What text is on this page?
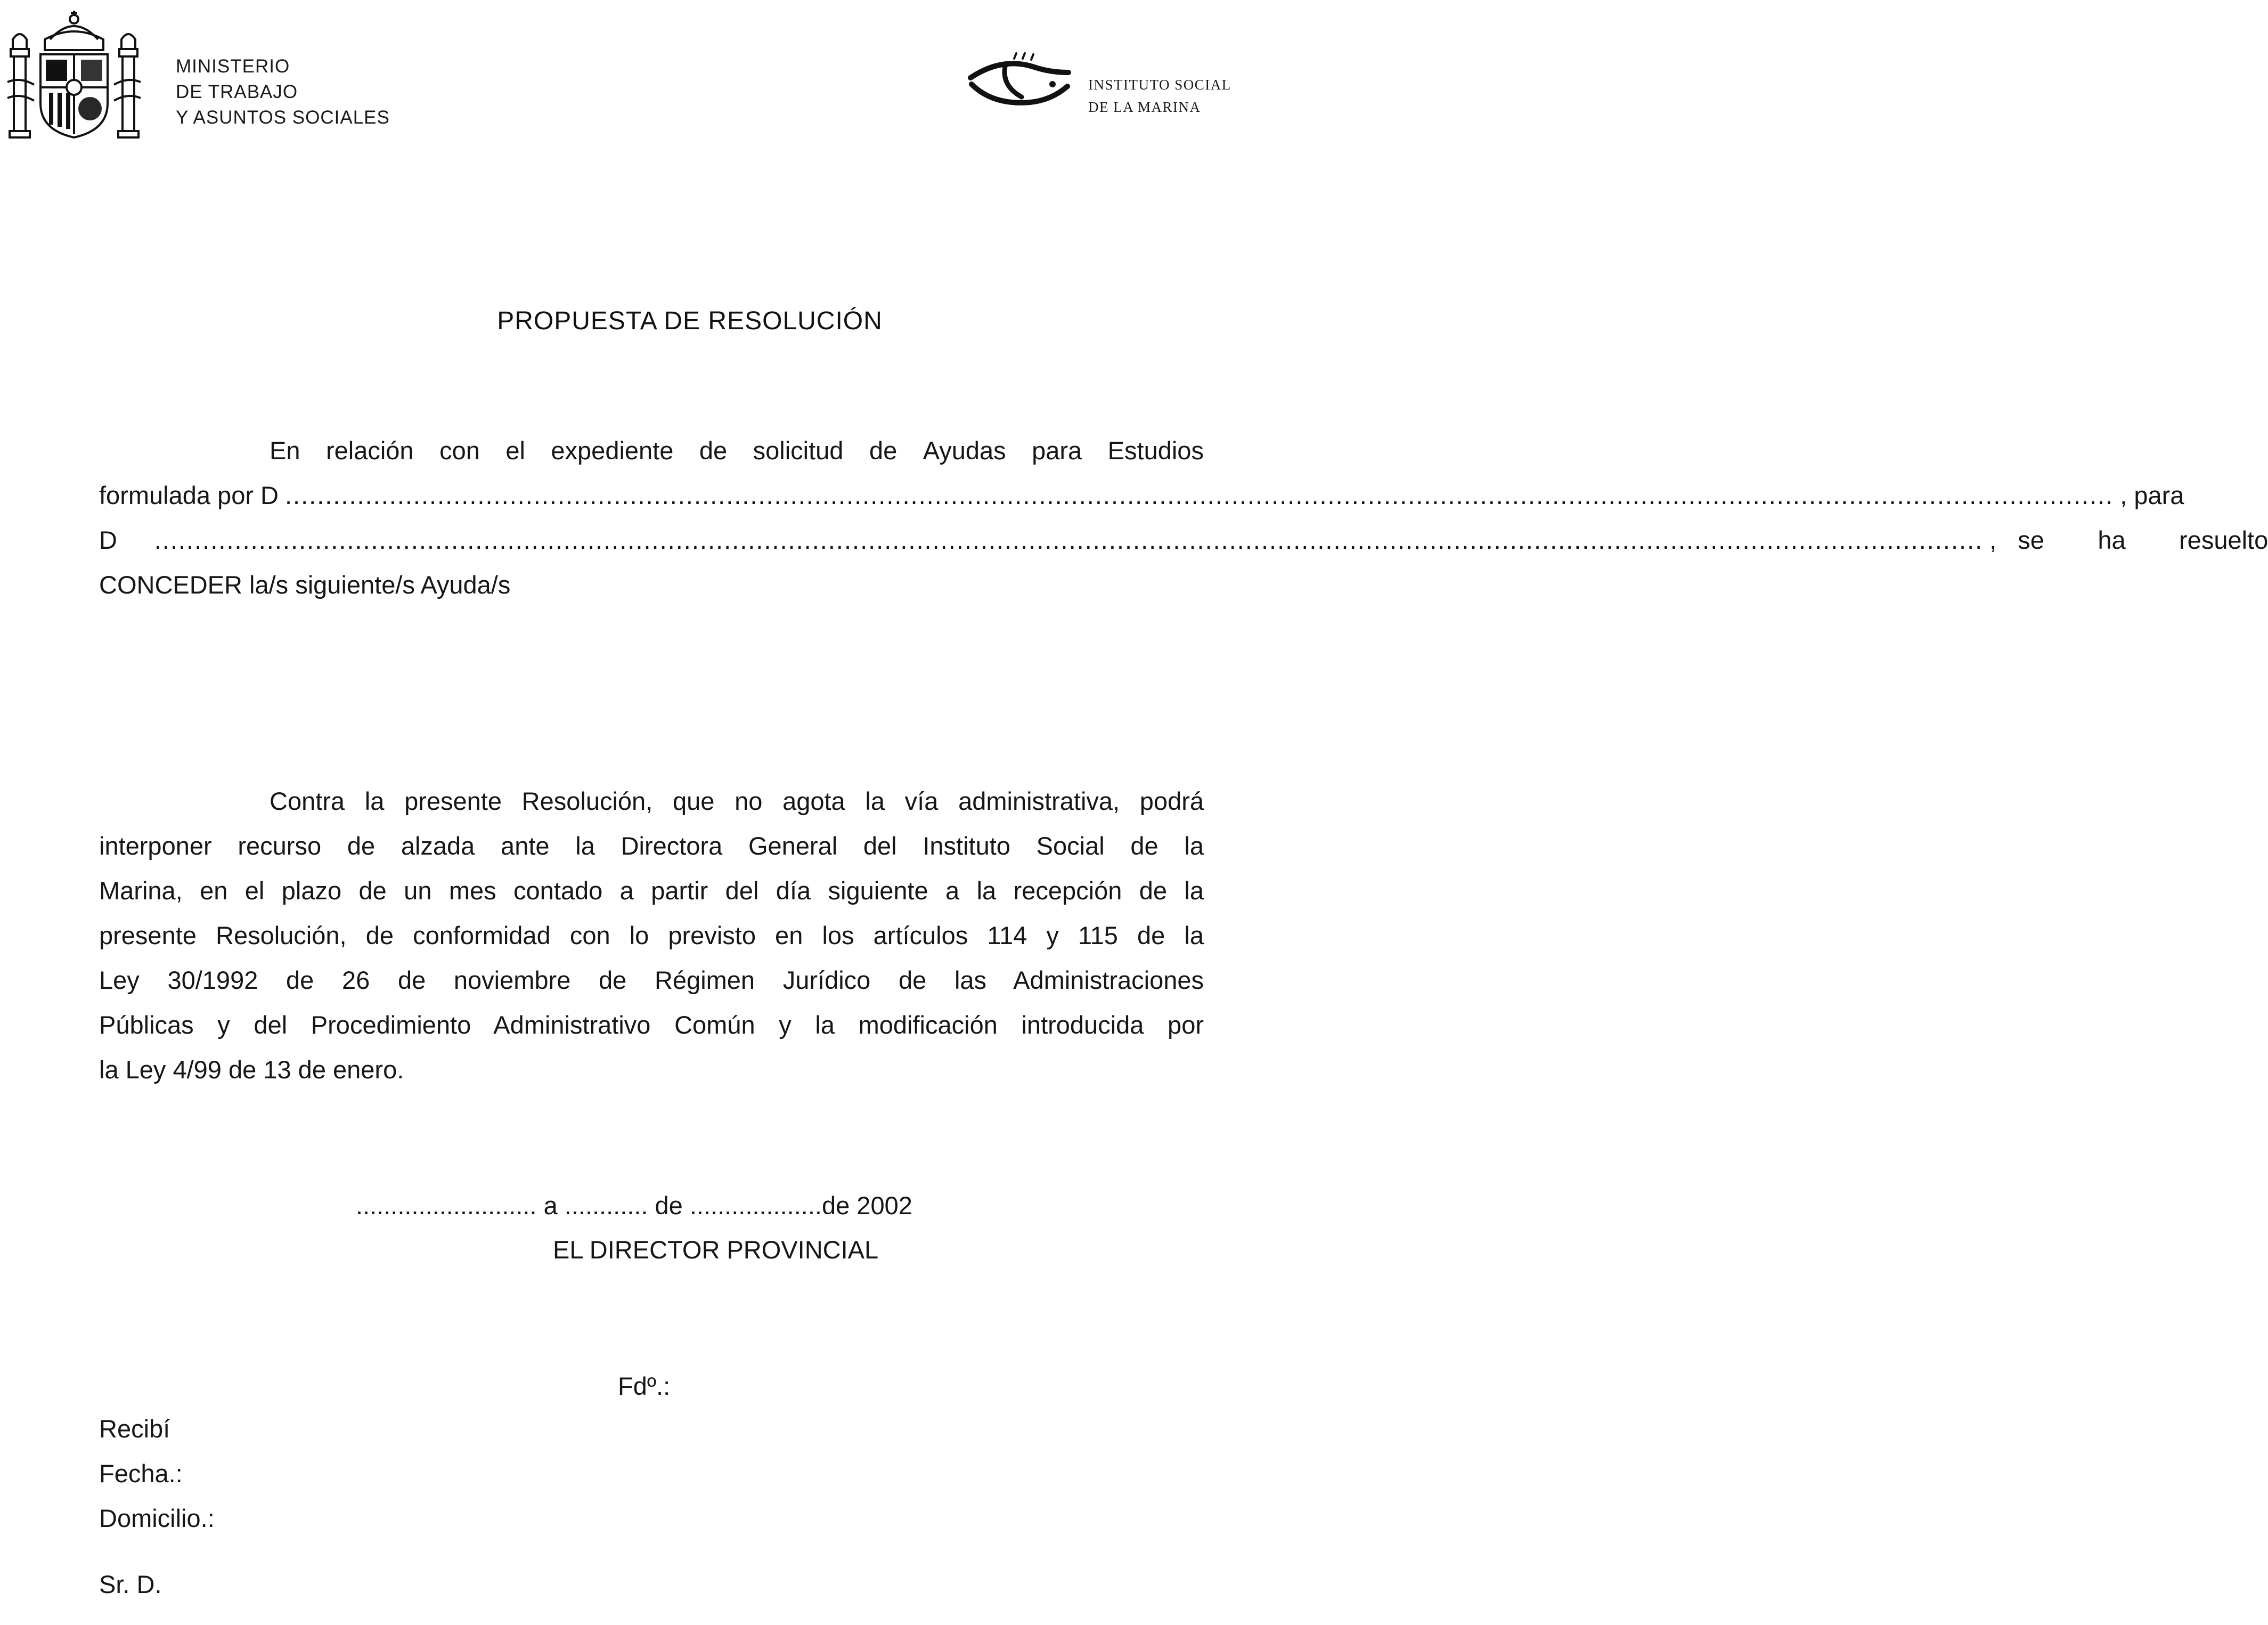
MINISTERIO
DE TRABAJO
Y ASUNTOS SOCIALES
INSTITUTO SOCIAL
DE LA MARINA
PROPUESTA DE RESOLUCIÓN
En relación con el expediente de solicitud de Ayudas para Estudios
formulada por D .................................................................................................................................................................................................................................... , para
D .................................................................................................................................................................................................................................... , se ha resuelto
CONCEDER la/s siguiente/s Ayuda/s
Contra la presente Resolución, que no agota la vía administrativa, podrá
interponer recurso de alzada ante la Directora General del Instituto Social de la
Marina, en el plazo de un mes contado a partir del día siguiente a la recepción de la
presente Resolución, de conformidad con lo previsto en los artículos 114 y 115 de la
Ley 30/1992 de 26 de noviembre de Régimen Jurídico de las Administraciones
Públicas y del Procedimiento Administrativo Común y la modificación introducida por
la Ley 4/99 de 13 de enero.
.......................... a ............ de ...................de 2002
EL DIRECTOR PROVINCIAL
Fdº.:
Recibí
Fecha.:
Domicilio.:
Sr. D.
